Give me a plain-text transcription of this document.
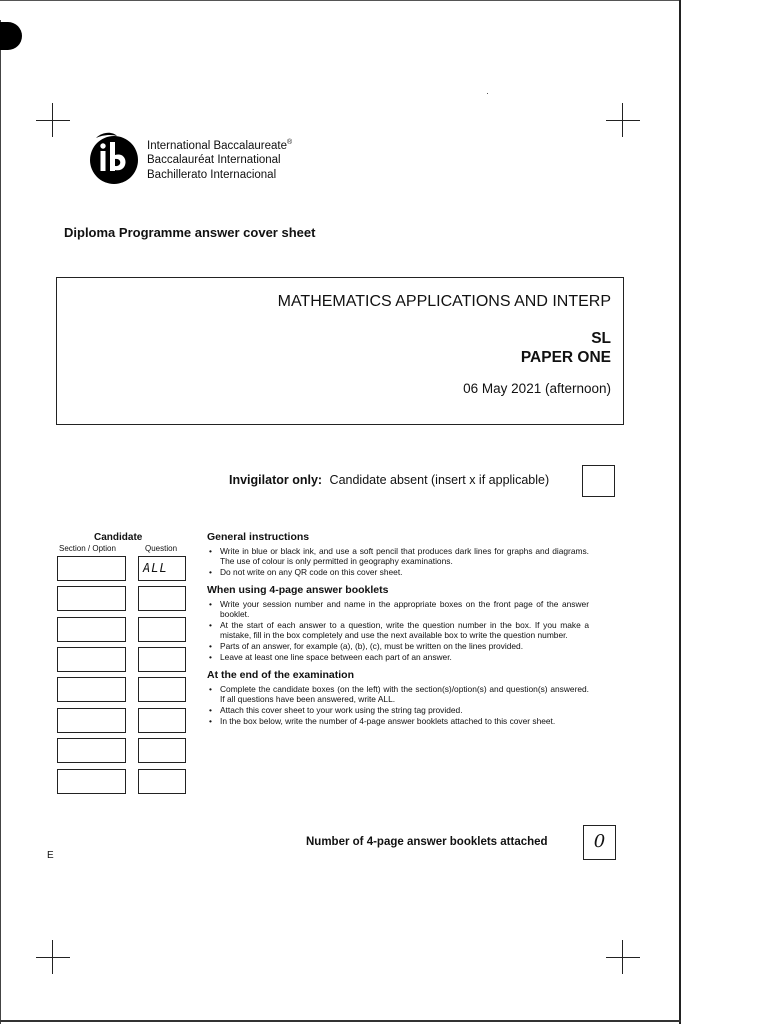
International Baccalaureate®
Baccalauréat International
Bachillerato Internacional
Diploma Programme answer cover sheet
MATHEMATICS APPLICATIONS AND INTERP
SL
PAPER ONE
06 May 2021 (afternoon)
Invigilator only: Candidate absent (insert x if applicable)
Candidate
Section / Option	Question
ALL
General instructions
• Write in blue or black ink, and use a soft pencil that produces dark lines for graphs and diagrams. The use of colour is only permitted in geography examinations.
• Do not write on any QR code on this cover sheet.
When using 4-page answer booklets
• Write your session number and name in the appropriate boxes on the front page of the answer booklet.
• At the start of each answer to a question, write the question number in the box. If you make a mistake, fill in the box completely and use the next available box to write the question number.
• Parts of an answer, for example (a), (b), (c), must be written on the lines provided.
• Leave at least one line space between each part of an answer.
At the end of the examination
• Complete the candidate boxes (on the left) with the section(s)/option(s) and question(s) answered. If all questions have been answered, write ALL.
• Attach this cover sheet to your work using the string tag provided.
• In the box below, write the number of 4-page answer booklets attached to this cover sheet.
Number of 4-page answer booklets attached	0
E
